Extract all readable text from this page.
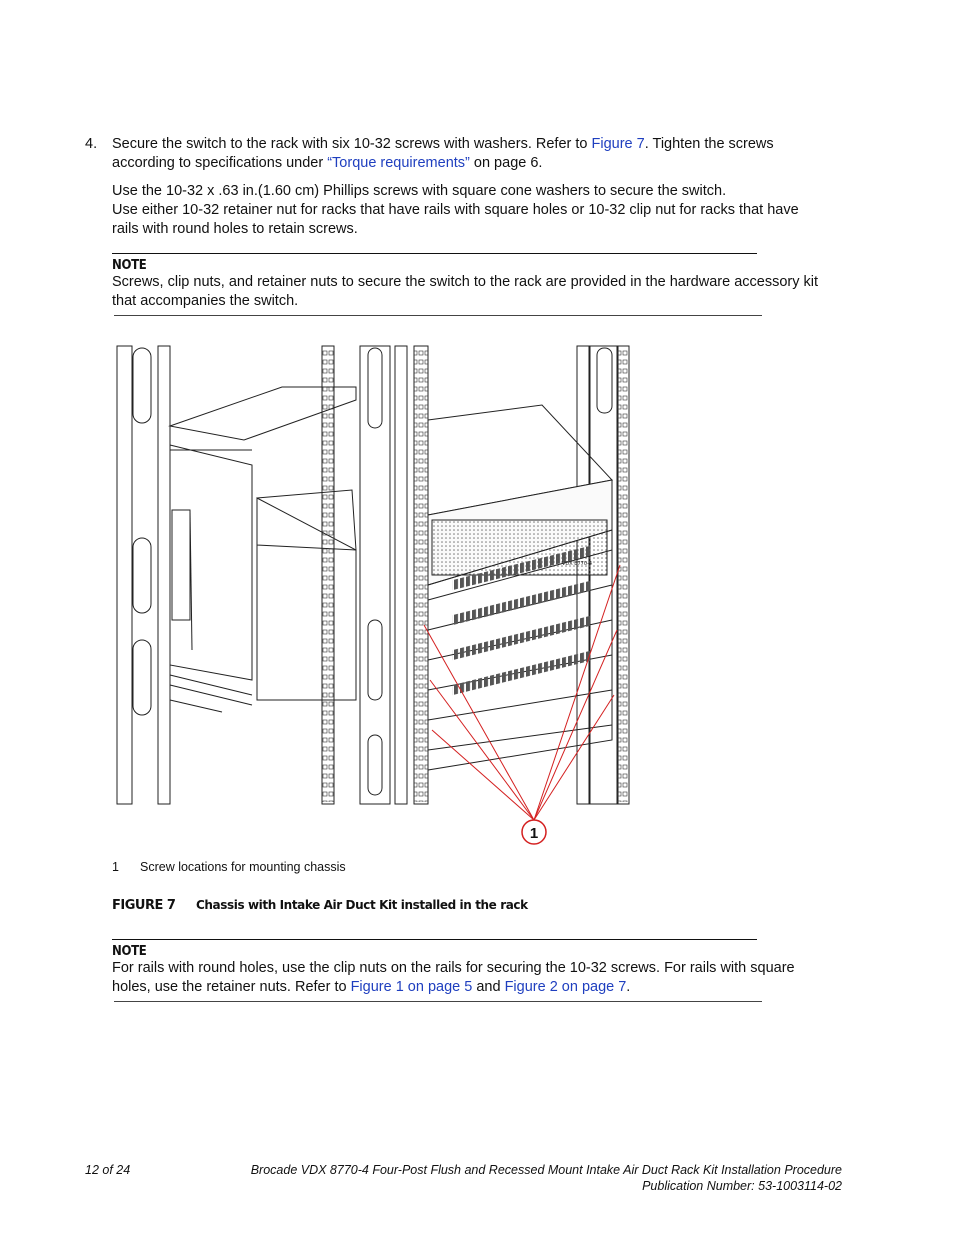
4. Secure the switch to the rack with six 10-32 screws with washers. Refer to Figure 7. Tighten the screws
according to specifications under “Torque requirements” on page 6.
Use the 10-32 x .63 in.(1.60 cm) Phillips screws with square cone washers to secure the switch.
Use either 10-32 retainer nut for racks that have rails with square holes or 10-32 clip nut for racks that have
rails with round holes to retain screws.
NOTE
Screws, clip nuts, and retainer nuts to secure the switch to the rack are provided in the hardware accessory kit
that accompanies the switch.
VDX 8770-4
1
1 Screw locations for mounting chassis
FIGURE 7 Chassis with Intake Air Duct Kit installed in the rack
NOTE
For rails with round holes, use the clip nuts on the rails for securing the 10-32 screws. For rails with square
holes, use the retainer nuts. Refer to Figure 1 on page 5 and Figure 2 on page 7.
12 of 24	Brocade VDX 8770-4 Four-Post Flush and Recessed Mount Intake Air Duct Rack Kit Installation Procedure
Publication Number: 53-1003114-02
